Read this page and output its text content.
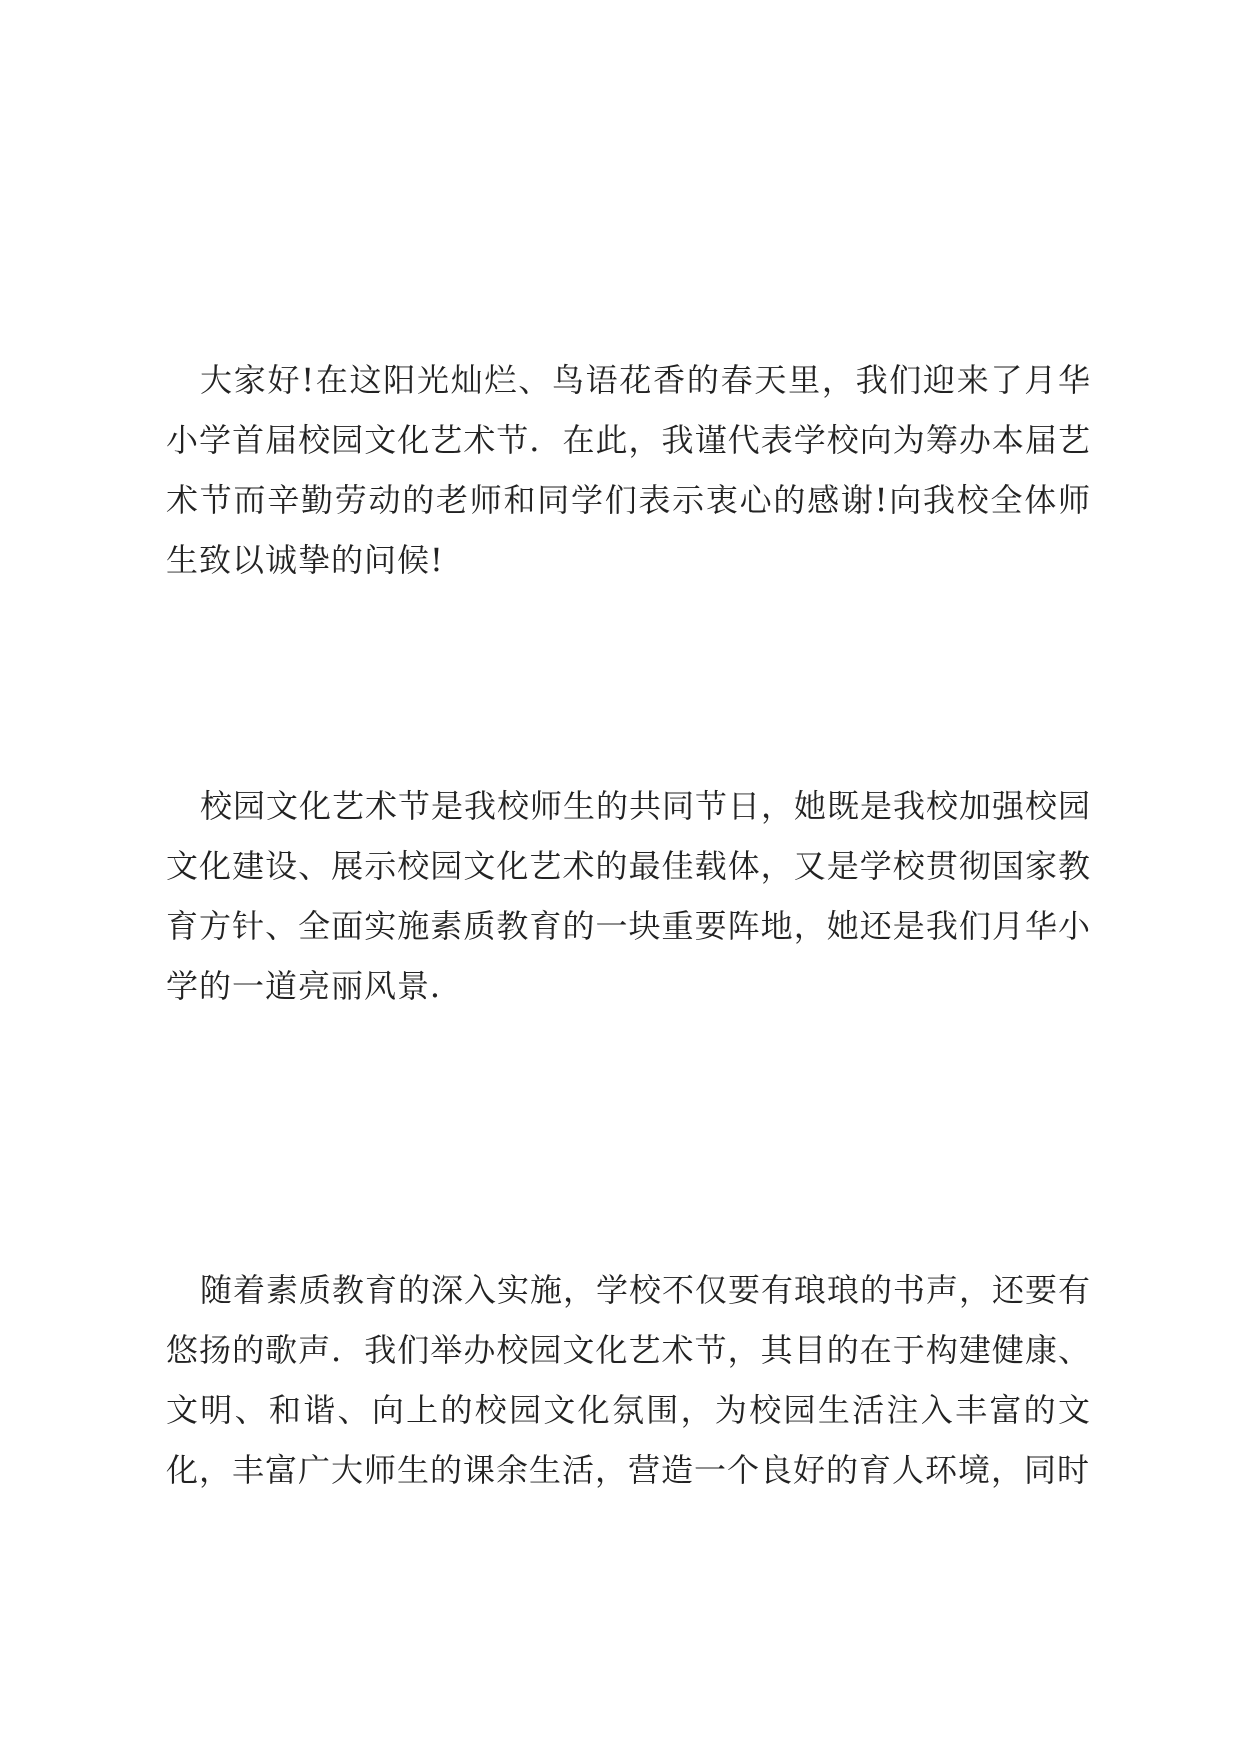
大家好!在这阳光灿烂、鸟语花香的春天里，我们迎来了月华小学首届校园文化艺术节．在此，我谨代表学校向为筹办本届艺术节而辛勤劳动的老师和同学们表示衷心的感谢!向我校全体师生致以诚挚的问候!

校园文化艺术节是我校师生的共同节日，她既是我校加强校园文化建设、展示校园文化艺术的最佳载体，又是学校贯彻国家教育方针、全面实施素质教育的一块重要阵地，她还是我们月华小学的一道亮丽风景．

随着素质教育的深入实施，学校不仅要有琅琅的书声，还要有悠扬的歌声．我们举办校园文化艺术节，其目的在于构建健康、文明、和谐、向上的校园文化氛围，为校园生活注入丰富的文化，丰富广大师生的课余生活，营造一个良好的育人环境，同时
